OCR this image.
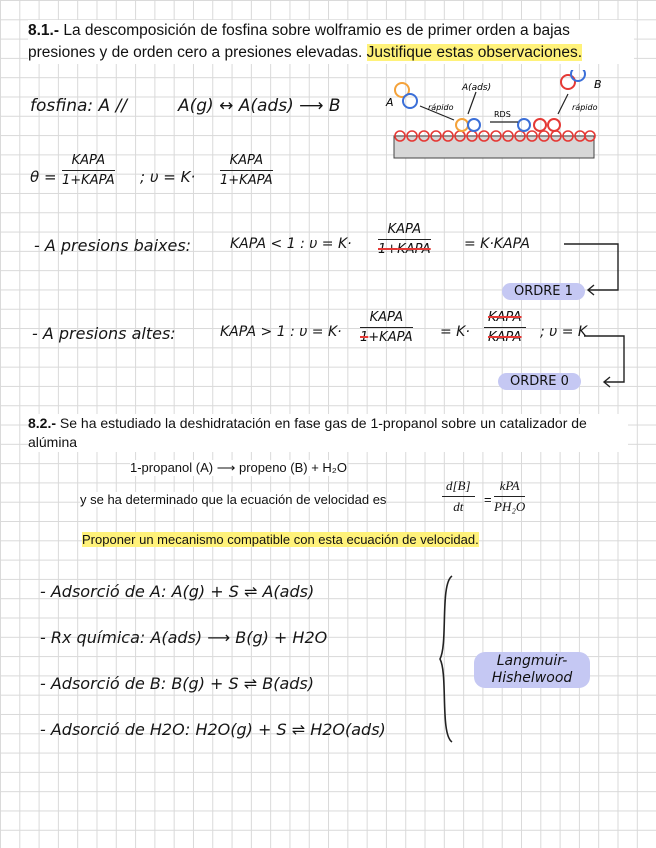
8.1.- La descomposición de fosfina sobre wolframio es de primer orden a bajas presiones y de orden cero a presiones elevadas. Justifique estas observaciones.
fosfina: A //	A(g) ↔ A(ads) ⟶ B	A
A(ads)	B
rápido
RDS
rápido
θ =
KAPA
1+KAPA ; υ = K·
KAPA
1+KAPA
- A presions baixes:	KAPA < 1 : υ = K·
KAPA
1+KAPA = K·KAPA
ORDRE 1
- A presions altes:	KAPA > 1 : υ = K·
KAPA
1+KAPA = K·
KAPA
KAPA ; υ = K
ORDRE 0
8.2.- Se ha estudiado la deshidratación en fase gas de 1-propanol sobre un catalizador de alúmina
1-propanol (A) ⟶ propeno (B) + H₂O
y se ha determinado que la ecuación de velocidad es	$\frac{d[B]}{dt}$ =
kPA
PH₂O
Proponer un mecanismo compatible con esta ecuación de velocidad.
- Adsorció de A: A(g) + S ⇌ A(ads)
- Rx química: A(ads) ⟶ B(g) + H2O
- Adsorció de B: B(g) + S ⇌ B(ads)
- Adsorció de H2O: H2O(g) + S ⇌ H2O(ads)
Langmuir-Hishelwood
